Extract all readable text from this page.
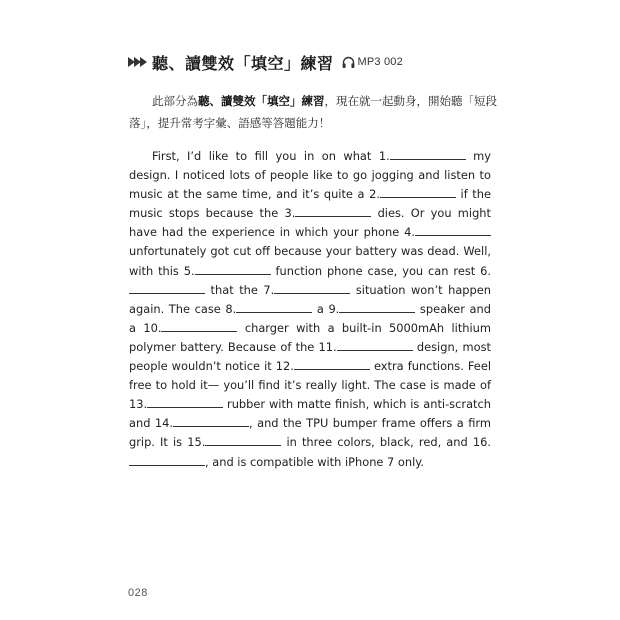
聽、讀雙效「填空」練習 MP3 002

此部分為聽、讀雙效「填空」練習，現在就一起動身，開始聽「短段落」，提升常考字彙、語感等答題能力！

First, I’d like to fill you in on what 1.	my design. I noticed lots of people like to go jogging and listen to music at the same time, and it’s quite a 2.	if the music stops because the 3.	dies. Or you might have had the experience in which your phone 4. unfortunately got cut off because your battery was dead. Well, with this 5.	function phone case, you can rest 6. that the 7.	situation won’t happen again. The case 8.	a 9.	speaker and a 10.	charger with a built-in 5000mAh lithium polymer battery. Because of the 11.	design, most people wouldn’t notice it 12.	extra functions. Feel free to hold it— you’ll find it’s really light. The case is made of 13.	rubber with matte finish, which is anti-scratch and 14.	, and the TPU bumper frame offers a firm grip. It is 15.	in three colors, black, red, and 16., and is compatible with iPhone 7 only.

028
